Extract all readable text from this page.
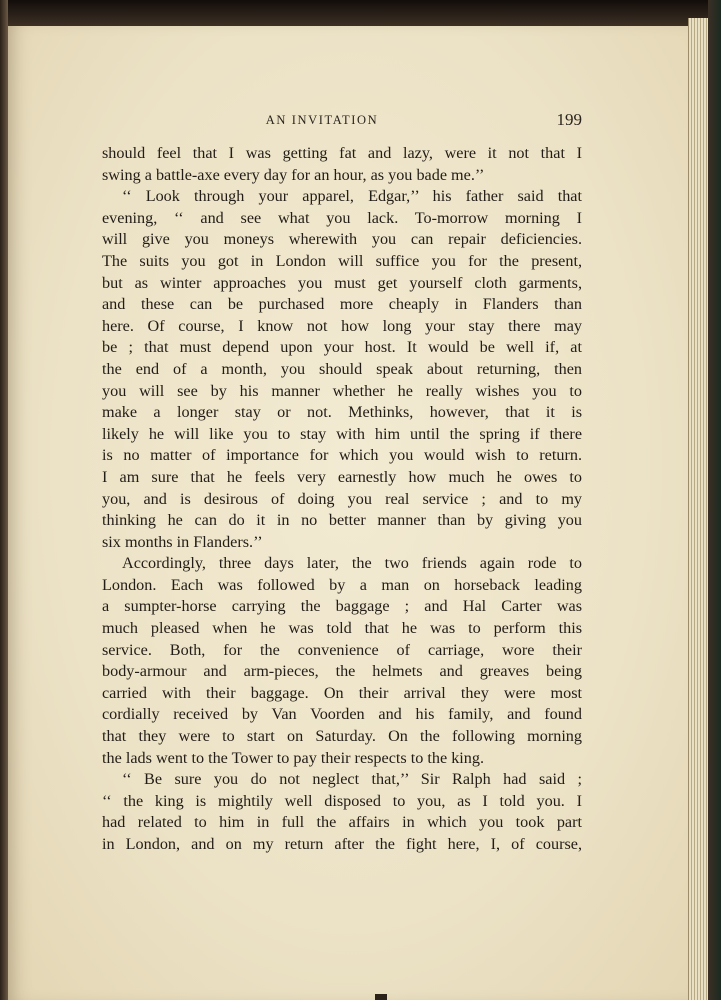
AN INVITATION	199
should feel that I was getting fat and lazy, were it not that I
swing a battle-axe every day for an hour, as you bade me.’’
‘‘ Look through your apparel, Edgar,’’ his father said that
evening, ‘‘ and see what you lack. To-morrow morning I
will give you moneys wherewith you can repair deficiencies.
The suits you got in London will suffice you for the present,
but as winter approaches you must get yourself cloth garments,
and these can be purchased more cheaply in Flanders than
here. Of course, I know not how long your stay there may
be ; that must depend upon your host. It would be well if, at
the end of a month, you should speak about returning, then
you will see by his manner whether he really wishes you to
make a longer stay or not. Methinks, however, that it is
likely he will like you to stay with him until the spring if there
is no matter of importance for which you would wish to return.
I am sure that he feels very earnestly how much he owes to
you, and is desirous of doing you real service ; and to my
thinking he can do it in no better manner than by giving you
six months in Flanders.’’
Accordingly, three days later, the two friends again rode to
London. Each was followed by a man on horseback leading
a sumpter-horse carrying the baggage ; and Hal Carter was
much pleased when he was told that he was to perform this
service. Both, for the convenience of carriage, wore their
body-armour and arm-pieces, the helmets and greaves being
carried with their baggage. On their arrival they were most
cordially received by Van Voorden and his family, and found
that they were to start on Saturday. On the following morning
the lads went to the Tower to pay their respects to the king.
‘‘ Be sure you do not neglect that,’’ Sir Ralph had said ;
‘‘ the king is mightily well disposed to you, as I told you. I
had related to him in full the affairs in which you took part
in London, and on my return after the fight here, I, of course,
